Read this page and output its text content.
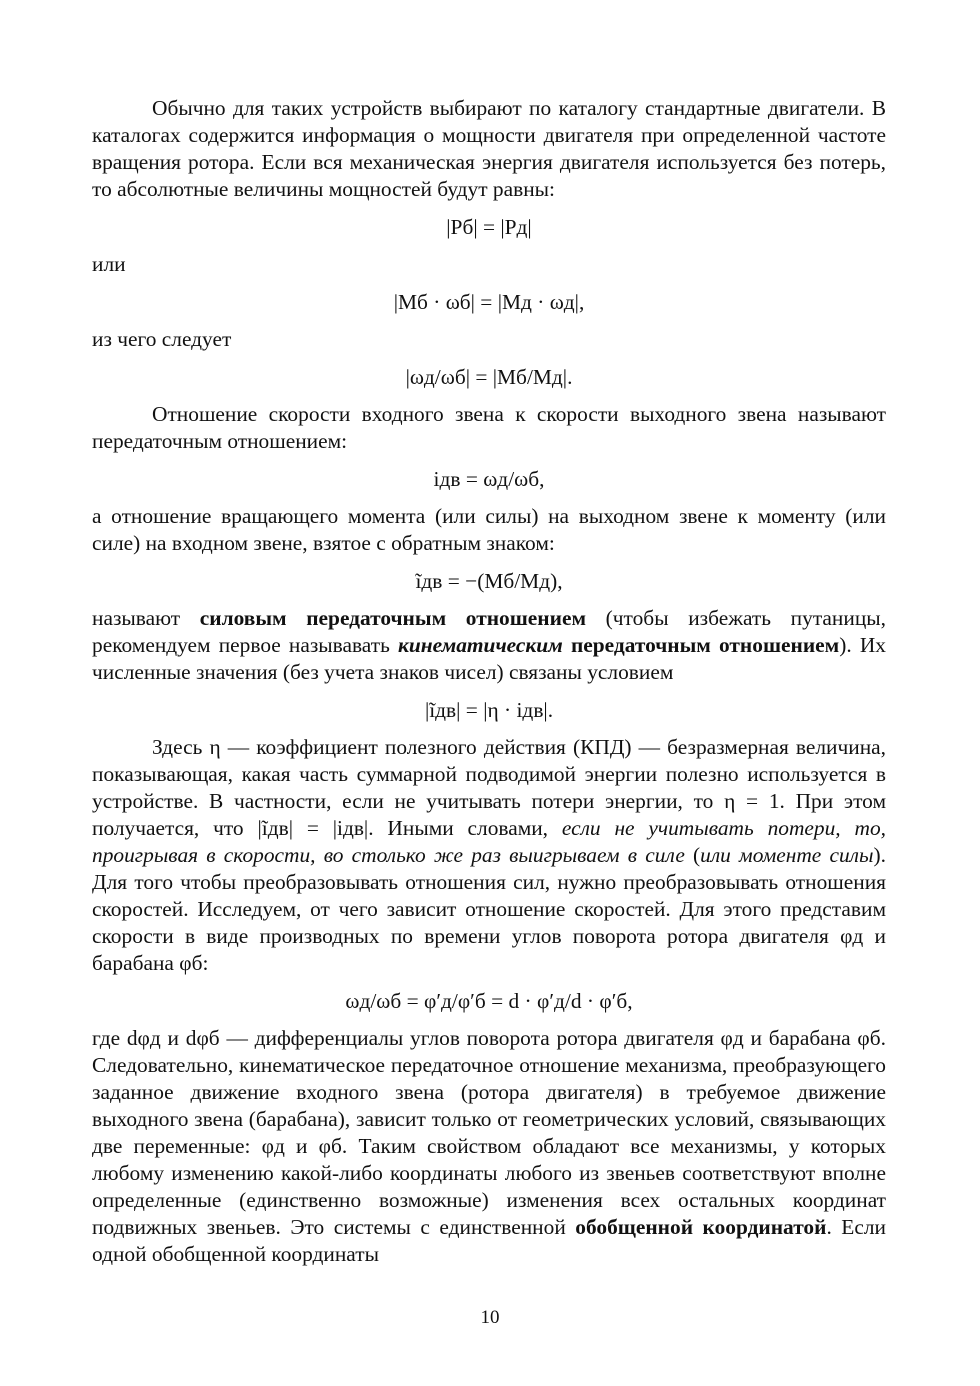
Обычно для таких устройств выбирают по каталогу стандартные двигатели. В каталогах содержится информация о мощности двигателя при определенной частоте вращения ротора. Если вся механическая энергия двигателя используется без потерь, то абсолютные величины мощностей будут равны:

|Pб| = |Pд|

или

|Mб · ωб| = |Mд · ωд|,

из чего следует

|ωд/ωб| = |Mб/Mд|.

Отношение скорости входного звена к скорости выходного звена называют передаточным отношением:

iдв = ωд/ωб,

а отношение вращающего момента (или силы) на выходном звене к моменту (или силе) на входном звене, взятое с обратным знаком:

ĩдв = −(Mб/Mд),

называют силовым передаточным отношением (чтобы избежать путаницы, рекомендуем первое называвать кинематическим передаточным отношением). Их численные значения (без учета знаков чисел) связаны условием

|ĩдв| = |η · iдв|.

Здесь η — коэффициент полезного действия (КПД) — безразмерная величина, показывающая, какая часть суммарной подводимой энергии полезно используется в устройстве. В частности, если не учитывать потери энергии, то η = 1. При этом получается, что |ĩдв| = |iдв|. Иными словами, если не учитывать потери, то, проигрывая в скорости, во столько же раз выигрываем в силе (или моменте силы). Для того чтобы преобразовывать отношения сил, нужно преобразовывать отношения скоростей. Исследуем, от чего зависит отношение скоростей. Для этого представим скорости в виде производных по времени углов поворота ротора двигателя φд и барабана φб:

ωд/ωб = φ′д/φ′б = d · φ′д/d · φ′б,

где dφд и dφб — дифференциалы углов поворота ротора двигателя φд и барабана φб. Следовательно, кинематическое передаточное отношение механизма, преобразующего заданное движение входного звена (ротора двигателя) в требуемое движение выходного звена (барабана), зависит только от геометрических условий, связывающих две переменные: φд и φб. Таким свойством обладают все механизмы, у которых любому изменению какой-либо координаты любого из звеньев соответствуют вполне определенные (единственно возможные) изменения всех остальных координат подвижных звеньев. Это системы с единственной обобщенной координатой. Если одной обобщенной координаты

10
